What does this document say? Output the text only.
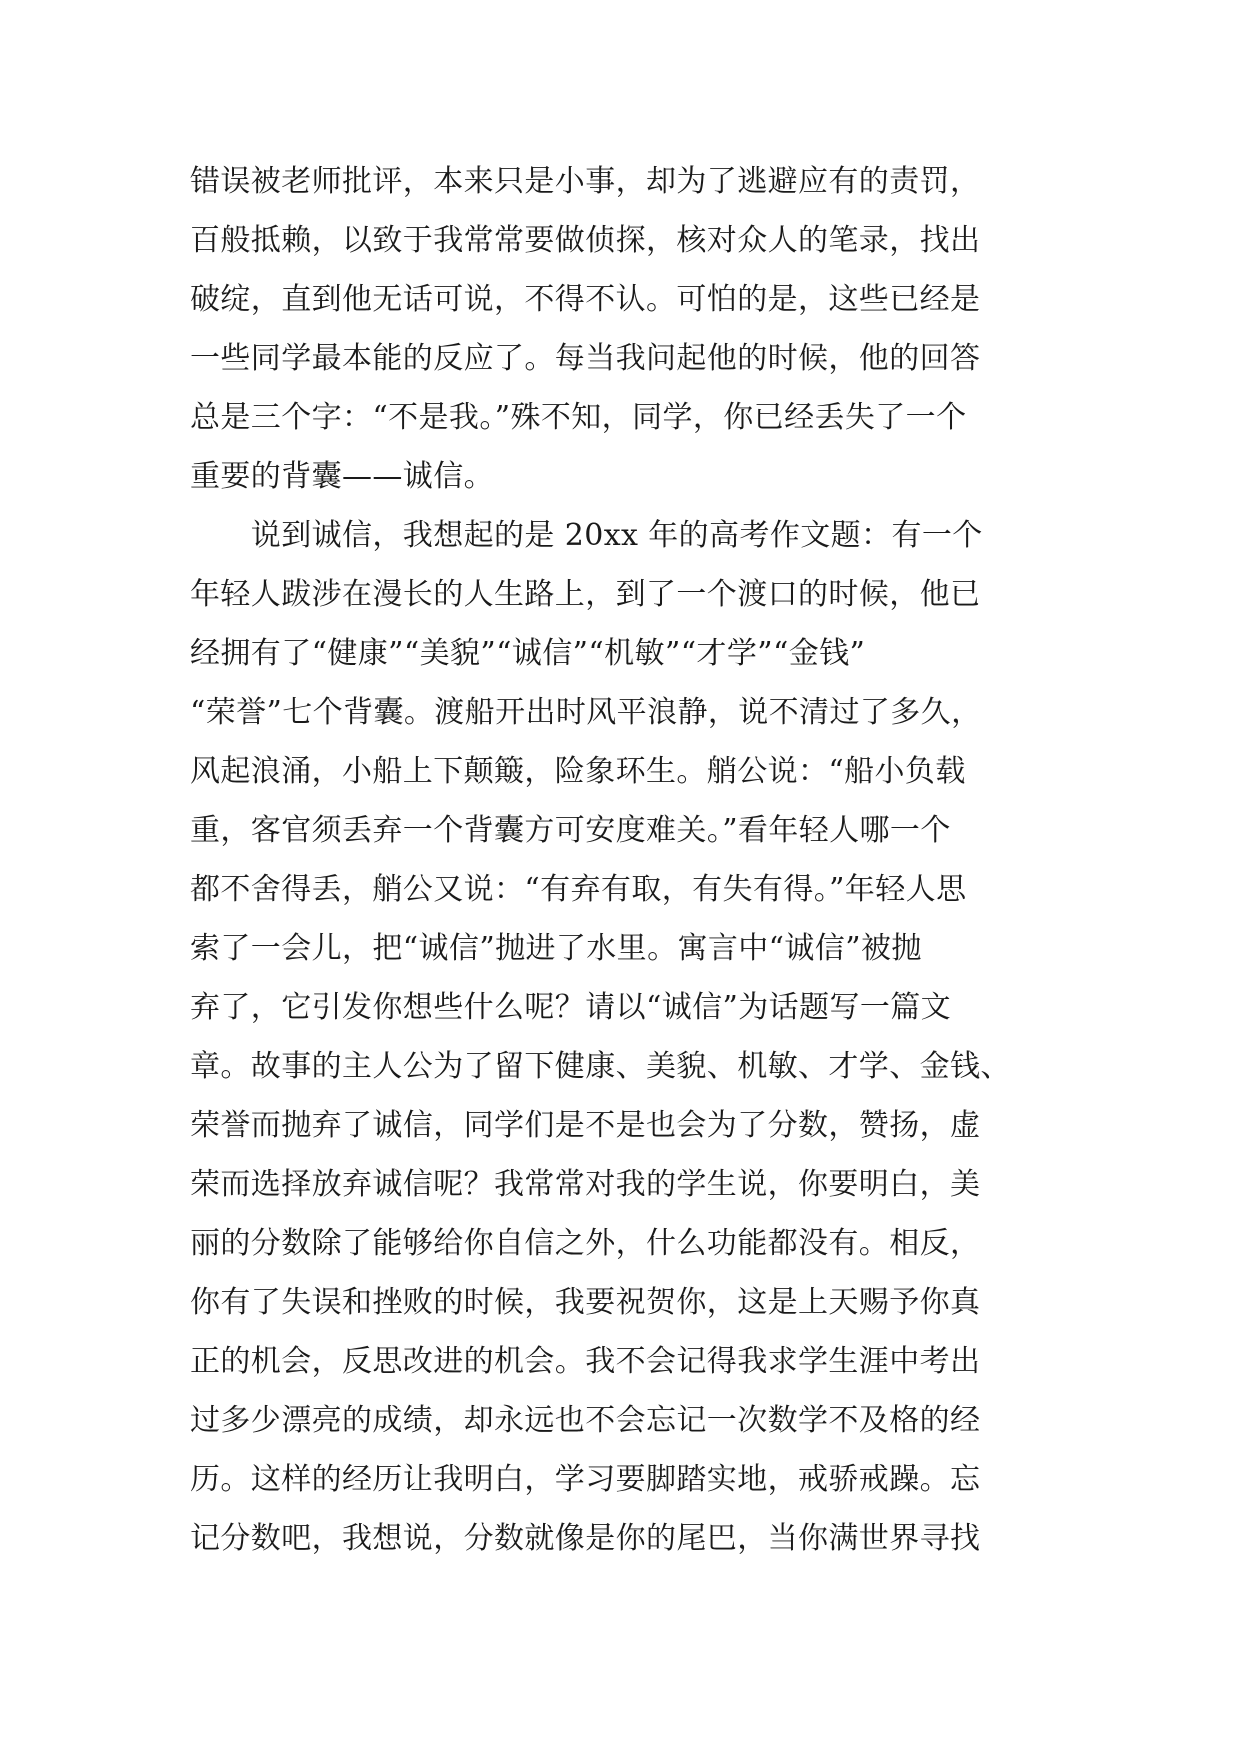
错误被老师批评，本来只是小事，却为了逃避应有的责罚，
百般抵赖，以致于我常常要做侦探，核对众人的笔录，找出
破绽，直到他无话可说，不得不认。可怕的是，这些已经是
一些同学最本能的反应了。每当我问起他的时候，他的回答
总是三个字：“不是我。”殊不知，同学，你已经丢失了一个
重要的背囊——诚信。
　　说到诚信，我想起的是 20xx 年的高考作文题：有一个
年轻人跋涉在漫长的人生路上，到了一个渡口的时候，他已
经拥有了“健康”“美貌”“诚信”“机敏”“才学”“金钱”
“荣誉”七个背囊。渡船开出时风平浪静，说不清过了多久，
风起浪涌，小船上下颠簸，险象环生。艄公说：“船小负载
重，客官须丢弃一个背囊方可安度难关。”看年轻人哪一个
都不舍得丢，艄公又说：“有弃有取，有失有得。”年轻人思
索了一会儿，把“诚信”抛进了水里。寓言中“诚信”被抛
弃了，它引发你想些什么呢？请以“诚信”为话题写一篇文
章。故事的主人公为了留下健康、美貌、机敏、才学、金钱、
荣誉而抛弃了诚信，同学们是不是也会为了分数，赞扬，虚
荣而选择放弃诚信呢？我常常对我的学生说，你要明白，美
丽的分数除了能够给你自信之外，什么功能都没有。相反，
你有了失误和挫败的时候，我要祝贺你，这是上天赐予你真
正的机会，反思改进的机会。我不会记得我求学生涯中考出
过多少漂亮的成绩，却永远也不会忘记一次数学不及格的经
历。这样的经历让我明白，学习要脚踏实地，戒骄戒躁。忘
记分数吧，我想说，分数就像是你的尾巴，当你满世界寻找
